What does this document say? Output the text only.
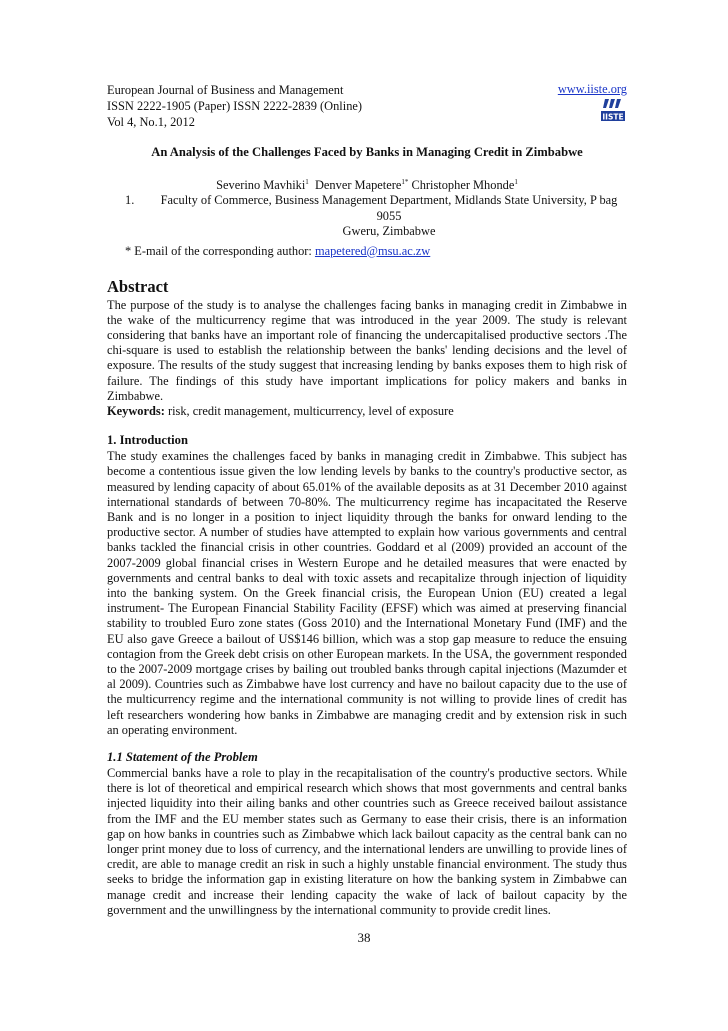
European Journal of Business and Management	www.iiste.org
ISSN 2222-1905 (Paper) ISSN 2222-2839 (Online)
Vol 4, No.1, 2012	IISTE
An Analysis of the Challenges Faced by Banks in Managing Credit in Zimbabwe
Severino Mavhiki$^1$ Denver Mapetere$^{1*}$ Christopher Mhonde$^1$
1.	Faculty of Commerce, Business Management Department, Midlands State University, P bag 9055
Gweru, Zimbabwe
* E-mail of the corresponding author: mapetered@msu.ac.zw
Abstract

The purpose of the study is to analyse the challenges facing banks in managing credit in Zimbabwe in the wake of the multicurrency regime that was introduced in the year 2009. The study is relevant considering that banks have an important role of financing the undercapitalised productive sectors .The chi-square is used to establish the relationship between the banks' lending decisions and the level of exposure. The results of the study suggest that increasing lending by banks exposes them to high risk of failure. The findings of this study have important implications for policy makers and banks in Zimbabwe.

Keywords: risk, credit management, multicurrency, level of exposure

1. Introduction

The study examines the challenges faced by banks in managing credit in Zimbabwe. This subject has become a contentious issue given the low lending levels by banks to the country's productive sector, as measured by lending capacity of about 65.01% of the available deposits as at 31 December 2010 against international standards of between 70-80%. The multicurrency regime has incapacitated the Reserve Bank and is no longer in a position to inject liquidity through the banks for onward lending to the productive sector. A number of studies have attempted to explain how various governments and central banks tackled the financial crisis in other countries. Goddard et al (2009) provided an account of the 2007-2009 global financial crises in Western Europe and he detailed measures that were enacted by governments and central banks to deal with toxic assets and recapitalize through injection of liquidity into the banking system. On the Greek financial crisis, the European Union (EU) created a legal instrument- The European Financial Stability Facility (EFSF) which was aimed at preserving financial stability to troubled Euro zone states (Goss 2010) and the International Monetary Fund (IMF) and the EU also gave Greece a bailout of US$146 billion, which was a stop gap measure to reduce the ensuing contagion from the Greek debt crisis on other European markets. In the USA, the government responded to the 2007-2009 mortgage crises by bailing out troubled banks through capital injections (Mazumder et al 2009). Countries such as Zimbabwe have lost currency and have no bailout capacity due to the use of the multicurrency regime and the international community is not willing to provide lines of credit has left researchers wondering how banks in Zimbabwe are managing credit and by extension risk in such an operating environment.

1.1 Statement of the Problem

Commercial banks have a role to play in the recapitalisation of the country's productive sectors. While there is lot of theoretical and empirical research which shows that most governments and central banks injected liquidity into their ailing banks and other countries such as Greece received bailout assistance from the IMF and the EU member states such as Germany to ease their crisis, there is an information gap on how banks in countries such as Zimbabwe which lack bailout capacity as the central bank can no longer print money due to loss of currency, and the international lenders are unwilling to provide lines of credit, are able to manage credit an risk in such a highly unstable financial environment. The study thus seeks to bridge the information gap in existing literature on how the banking system in Zimbabwe can manage credit and increase their lending capacity the wake of lack of bailout capacity by the government and the unwillingness by the international community to provide credit lines.

38
